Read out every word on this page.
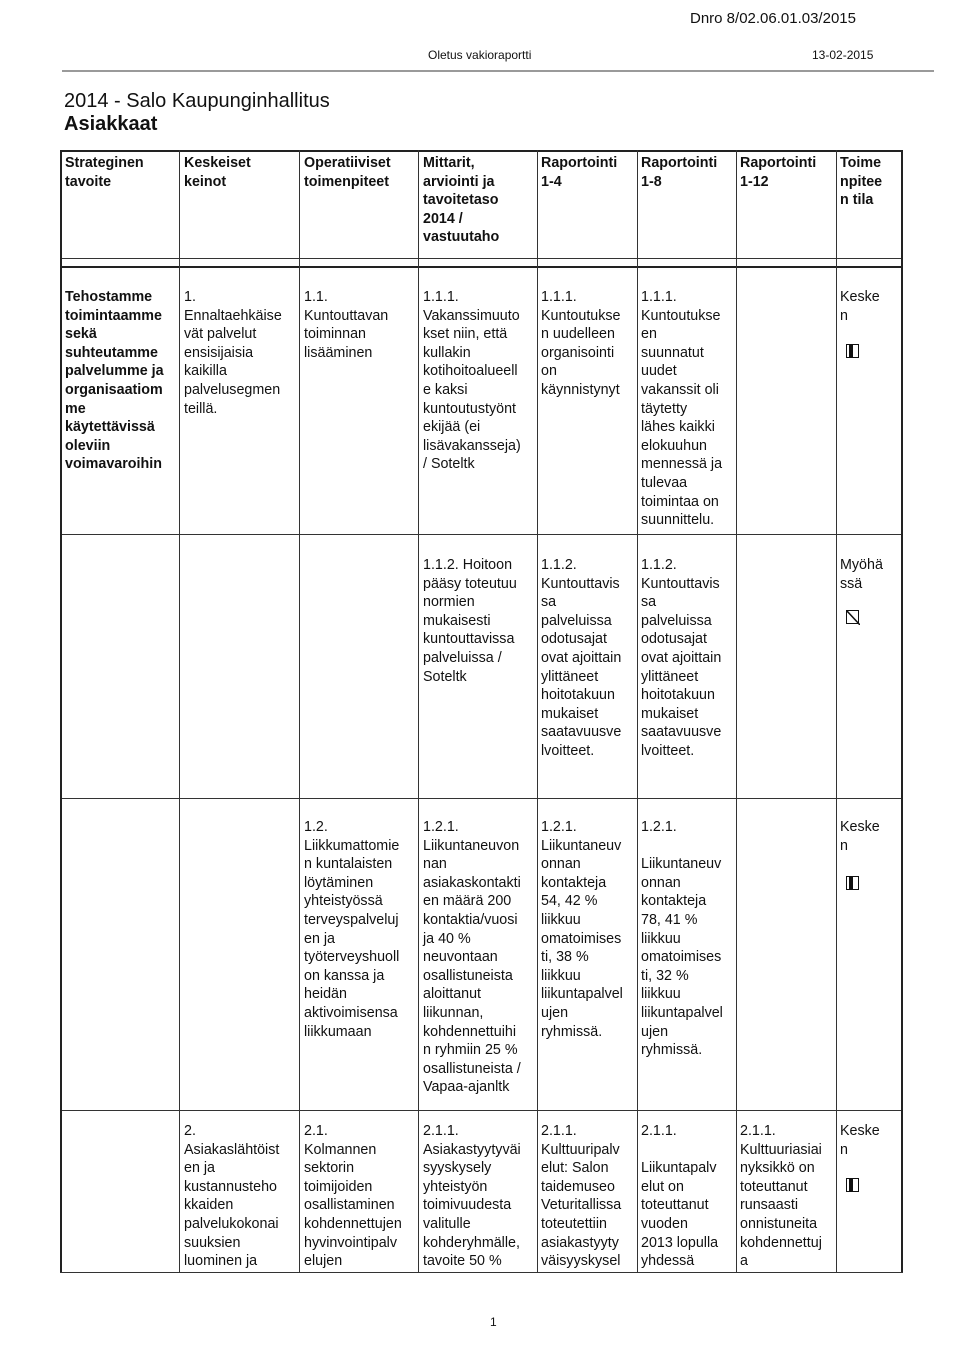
Dnro 8/02.06.01.03/2015
Oletus vakioraportti	13-02-2015
2014 - Salo Kaupunginhallitus
Asiakkaat
Strateginen
tavoite
Keskeiset
keinot
Operatiiviset
toimenpiteet
Mittarit,
arviointi ja
tavoitetaso
2014 /
vastuutaho
Raportointi
1-4
Raportointi
1-8
Raportointi
1-12
Toime
npitee
n tila
Tehostamme
toimintaamme
sekä
suhteutamme
palvelumme ja
organisaatiom
me
käytettävissä
oleviin
voimavaroihin
1.
Ennaltaehkäise
vät palvelut
ensisijaisia
kaikilla
palvelusegmen
teillä.
1.1.
Kuntouttavan
toiminnan
lisääminen
1.1.1.
Vakanssimuuto
kset niin, että
kullakin
kotihoitoalueell
e kaksi
kuntoutustyönt
ekijää (ei
lisävakansseja)
/ Soteltk
1.1.1.
Kuntoutukse
n uudelleen
organisointi
on
käynnistynyt
1.1.1.
Kuntoutukse
en
suunnatut
uudet
vakanssit oli
täytetty
lähes kaikki
elokuuhun
mennessä ja
tulevaa
toimintaa on
suunnittelu.
Keske
n
1.1.2. Hoitoon
pääsy toteutuu
normien
mukaisesti
kuntouttavissa
palveluissa /
Soteltk
1.1.2.
Kuntouttavis
sa
palveluissa
odotusajat
ovat ajoittain
ylittäneet
hoitotakuun
mukaiset
saatavuusve
lvoitteet.
1.1.2.
Kuntouttavis
sa
palveluissa
odotusajat
ovat ajoittain
ylittäneet
hoitotakuun
mukaiset
saatavuusve
lvoitteet.
Myöhä
ssä
1.2.
Liikkumattomie
n kuntalaisten
löytäminen
yhteistyössä
terveyspalveluj
en ja
työterveyshuoll
on kanssa ja
heidän
aktivoimisensa
liikkumaan
1.2.1.
Liikuntaneuvon
nan
asiakaskontakti
en määrä 200
kontaktia/vuosi
ja 40 %
neuvontaan
osallistuneista
aloittanut
liikunnan,
kohdennettuihi
n ryhmiin 25 %
osallistuneista /
Vapaa-ajanltk
1.2.1.
Liikuntaneuv
onnan
kontakteja
54, 42 %
liikkuu
omatoimises
ti, 38 %
liikkuu
liikuntapalvel
ujen
ryhmissä.
1.2.1.

Liikuntaneuv
onnan
kontakteja
78, 41 %
liikkuu
omatoimises
ti, 32 %
liikkuu
liikuntapalvel
ujen
ryhmissä.
Keske
n
2.
Asiakaslähtöist
en ja
kustannusteho
kkaiden
palvelukokonai
suuksien
luominen ja
2.1.
Kolmannen
sektorin
toimijoiden
osallistaminen
kohdennettujen
hyvinvointipalv
elujen
2.1.1.
Asiakastyytyväi
syyskysely
yhteistyön
toimivuudesta
valitulle
kohderyhmälle,
tavoite 50 %
2.1.1.
Kulttuuripalv
elut: Salon
taidemuseo
Veturitallissa
toteutettiin
asiakastyyty
väisyyskysel
2.1.1.

Liikuntapalv
elut on
toteuttanut
vuoden
2013 lopulla
yhdessä
2.1.1.
Kulttuuriasiai
nyksikkö on
toteuttanut
runsaasti
onnistuneita
kohdennettuj
a
Keske
n
1
